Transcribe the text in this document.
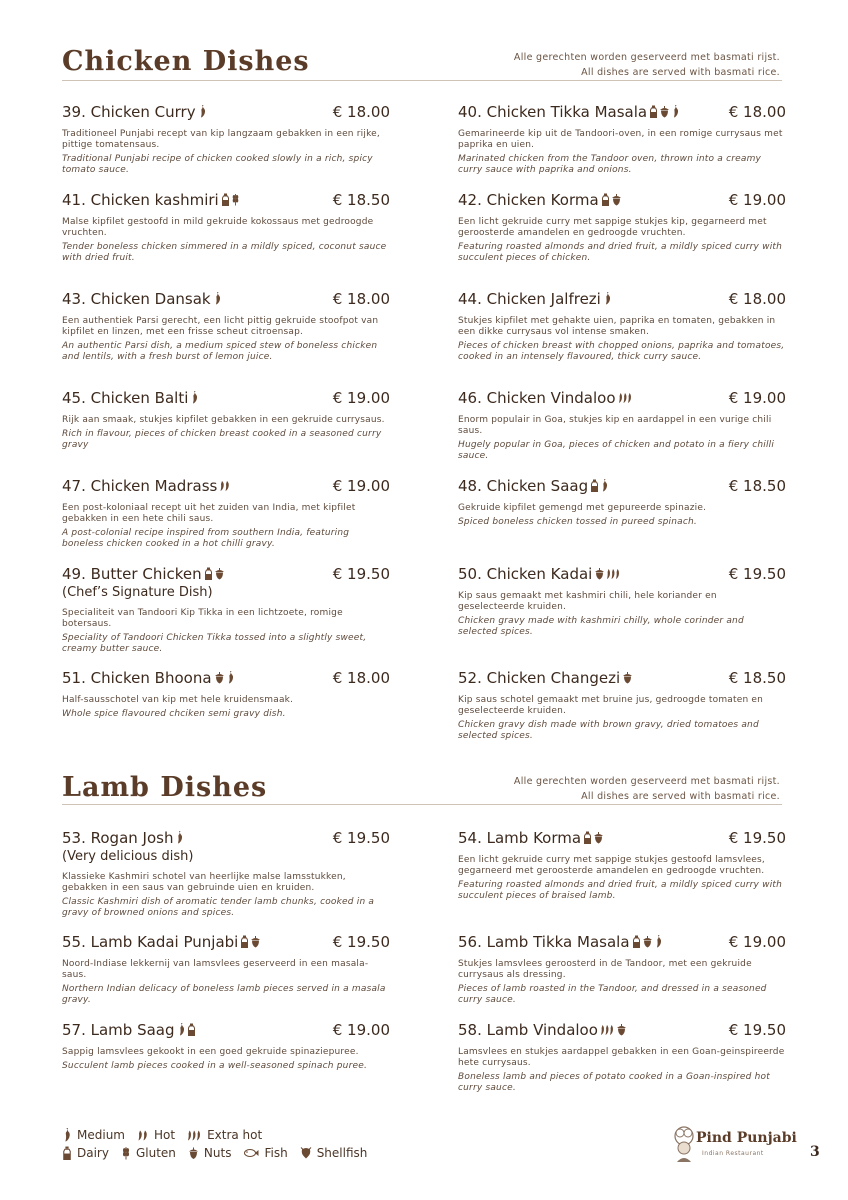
Chicken Dishes	Alle gerechten worden geserveerd met basmati rijst.
All dishes are served with basmati rice.
Lamb Dishes	Alle gerechten worden geserveerd met basmati rijst.
All dishes are served with basmati rice.
39. Chicken Curry	€ 18.00
Traditioneel Punjabi recept van kip langzaam gebakken in een rijke, pittige tomatensaus.
Traditional Punjabi recipe of chicken cooked slowly in a rich, spicy tomato sauce.
40. Chicken Tikka Masala	€ 18.00
Gemarineerde kip uit de Tandoori-oven, in een romige currysaus met paprika en uien.
Marinated chicken from the Tandoor oven, thrown into a creamy curry sauce with paprika and onions.
41. Chicken kashmiri	€ 18.50
Malse kipfilet gestoofd in mild gekruide kokossaus met gedroogde vruchten.
Tender boneless chicken simmered in a mildly spiced, coconut sauce with dried fruit.
42. Chicken Korma	€ 19.00
Een licht gekruide curry met sappige stukjes kip, gegarneerd met geroosterde amandelen en gedroogde vruchten.
Featuring roasted almonds and dried fruit, a mildly spiced curry with succulent pieces of chicken.
43. Chicken Dansak	€ 18.00
Een authentiek Parsi gerecht, een licht pittig gekruide stoofpot van kipfilet en linzen, met een frisse scheut citroensap.
An authentic Parsi dish, a medium spiced stew of boneless chicken and lentils, with a fresh burst of lemon juice.
44. Chicken Jalfrezi	€ 18.00
Stukjes kipfilet met gehakte uien, paprika en tomaten, gebakken in een dikke currysaus vol intense smaken.
Pieces of chicken breast with chopped onions, paprika and tomatoes, cooked in an intensely flavoured, thick curry sauce.
45. Chicken Balti	€ 19.00
Rijk aan smaak, stukjes kipfilet gebakken in een gekruide currysaus.
Rich in flavour, pieces of chicken breast cooked in a seasoned curry gravy
46. Chicken Vindaloo	€ 19.00
Enorm populair in Goa, stukjes kip en aardappel in een vurige chili saus.
Hugely popular in Goa, pieces of chicken and potato in a fiery chilli sauce.
47. Chicken Madrass	€ 19.00
Een post-koloniaal recept uit het zuiden van India, met kipfilet gebakken in een hete chili saus.
A post-colonial recipe inspired from southern India, featuring boneless chicken cooked in a hot chilli gravy.
48. Chicken Saag	€ 18.50
Gekruide kipfilet gemengd met gepureerde spinazie.
Spiced boneless chicken tossed in pureed spinach.
49. Butter Chicken	€ 19.50
(Chef’s Signature Dish)
Specialiteit van Tandoori Kip Tikka in een lichtzoete, romige botersaus.
Speciality of Tandoori Chicken Tikka tossed into a slightly sweet, creamy butter sauce.
50. Chicken Kadai	€ 19.50
Kip saus gemaakt met kashmiri chili, hele koriander en geselecteerde kruiden.
Chicken gravy made with kashmiri chilly, whole corinder and selected spices.
51. Chicken Bhoona	€ 18.00
Half-sausschotel van kip met hele kruidensmaak.
Whole spice flavoured chciken semi gravy dish.
52. Chicken Changezi	€ 18.50
Kip saus schotel gemaakt met bruine jus, gedroogde tomaten en geselecteerde kruiden.
Chicken gravy dish made with brown gravy, dried tomatoes and selected spices.
53. Rogan Josh	€ 19.50
(Very delicious dish)
Klassieke Kashmiri schotel van heerlijke malse lamsstukken, gebakken in een saus van gebruinde uien en kruiden.
Classic Kashmiri dish of aromatic tender lamb chunks, cooked in a gravy of browned onions and spices.
54. Lamb Korma	€ 19.50
Een licht gekruide curry met sappige stukjes gestoofd lamsvlees, gegarneerd met geroosterde amandelen en gedroogde vruchten.
Featuring roasted almonds and dried fruit, a mildly spiced curry with succulent pieces of braised lamb.
55. Lamb Kadai Punjabi	€ 19.50
Noord-Indiase lekkernij van lamsvlees geserveerd in een masala-saus.
Northern Indian delicacy of boneless lamb pieces served in a masala gravy.
56. Lamb Tikka Masala	€ 19.00
Stukjes lamsvlees geroosterd in de Tandoor, met een gekruide currysaus als dressing.
Pieces of lamb roasted in the Tandoor, and dressed in a seasoned curry sauce.
57. Lamb Saag	€ 19.00
Sappig lamsvlees gekookt in een goed gekruide spinaziepuree.
Succulent lamb pieces cooked in a well-seasoned spinach puree.
58. Lamb Vindaloo	€ 19.50
Lamsvlees en stukjes aardappel gebakken in een Goan-geinspireerde hete currysaus.
Boneless lamb and pieces of potato cooked in a Goan-inspired hot curry sauce.
Medium Hot	Extra hot
Dairy Gluten Nuts	Fish Shellfish
Pind Punjabi
Indian Restaurant	3
